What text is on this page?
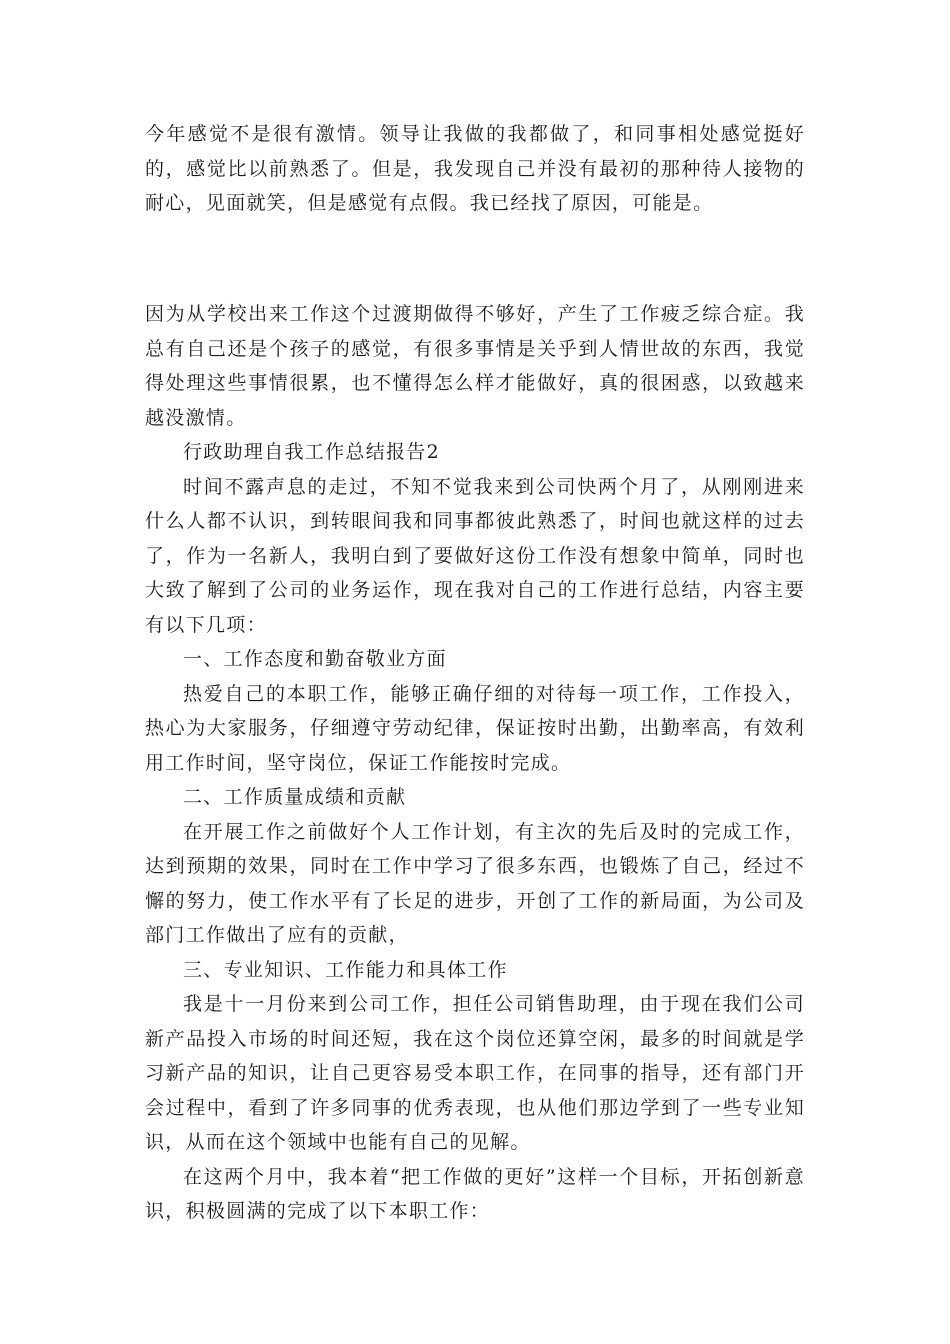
今年感觉不是很有激情。领导让我做的我都做了，和同事相处感觉挺好的，感觉比以前熟悉了。但是，我发现自己并没有最初的那种待人接物的耐心，见面就笑，但是感觉有点假。我已经找了原因，可能是。

因为从学校出来工作这个过渡期做得不够好，产生了工作疲乏综合症。我总有自己还是个孩子的感觉，有很多事情是关乎到人情世故的东西，我觉得处理这些事情很累，也不懂得怎么样才能做好，真的很困惑，以致越来越没激情。

行政助理自我工作总结报告2

时间不露声息的走过，不知不觉我来到公司快两个月了，从刚刚进来什么人都不认识，到转眼间我和同事都彼此熟悉了，时间也就这样的过去了，作为一名新人，我明白到了要做好这份工作没有想象中简单，同时也大致了解到了公司的业务运作，现在我对自己的工作进行总结，内容主要有以下几项：

一、工作态度和勤奋敬业方面

热爱自己的本职工作，能够正确仔细的对待每一项工作，工作投入，热心为大家服务，仔细遵守劳动纪律，保证按时出勤，出勤率高，有效利用工作时间，坚守岗位，保证工作能按时完成。

二、工作质量成绩和贡献

在开展工作之前做好个人工作计划，有主次的先后及时的完成工作，达到预期的效果，同时在工作中学习了很多东西，也锻炼了自己，经过不懈的努力，使工作水平有了长足的进步，开创了工作的新局面，为公司及部门工作做出了应有的贡献，

三、专业知识、工作能力和具体工作

我是十一月份来到公司工作，担任公司销售助理，由于现在我们公司新产品投入市场的时间还短，我在这个岗位还算空闲，最多的时间就是学习新产品的知识，让自己更容易受本职工作，在同事的指导，还有部门开会过程中，看到了许多同事的优秀表现，也从他们那边学到了一些专业知识，从而在这个领域中也能有自己的见解。

在这两个月中，我本着“把工作做的更好”这样一个目标，开拓创新意识，积极圆满的完成了以下本职工作：
